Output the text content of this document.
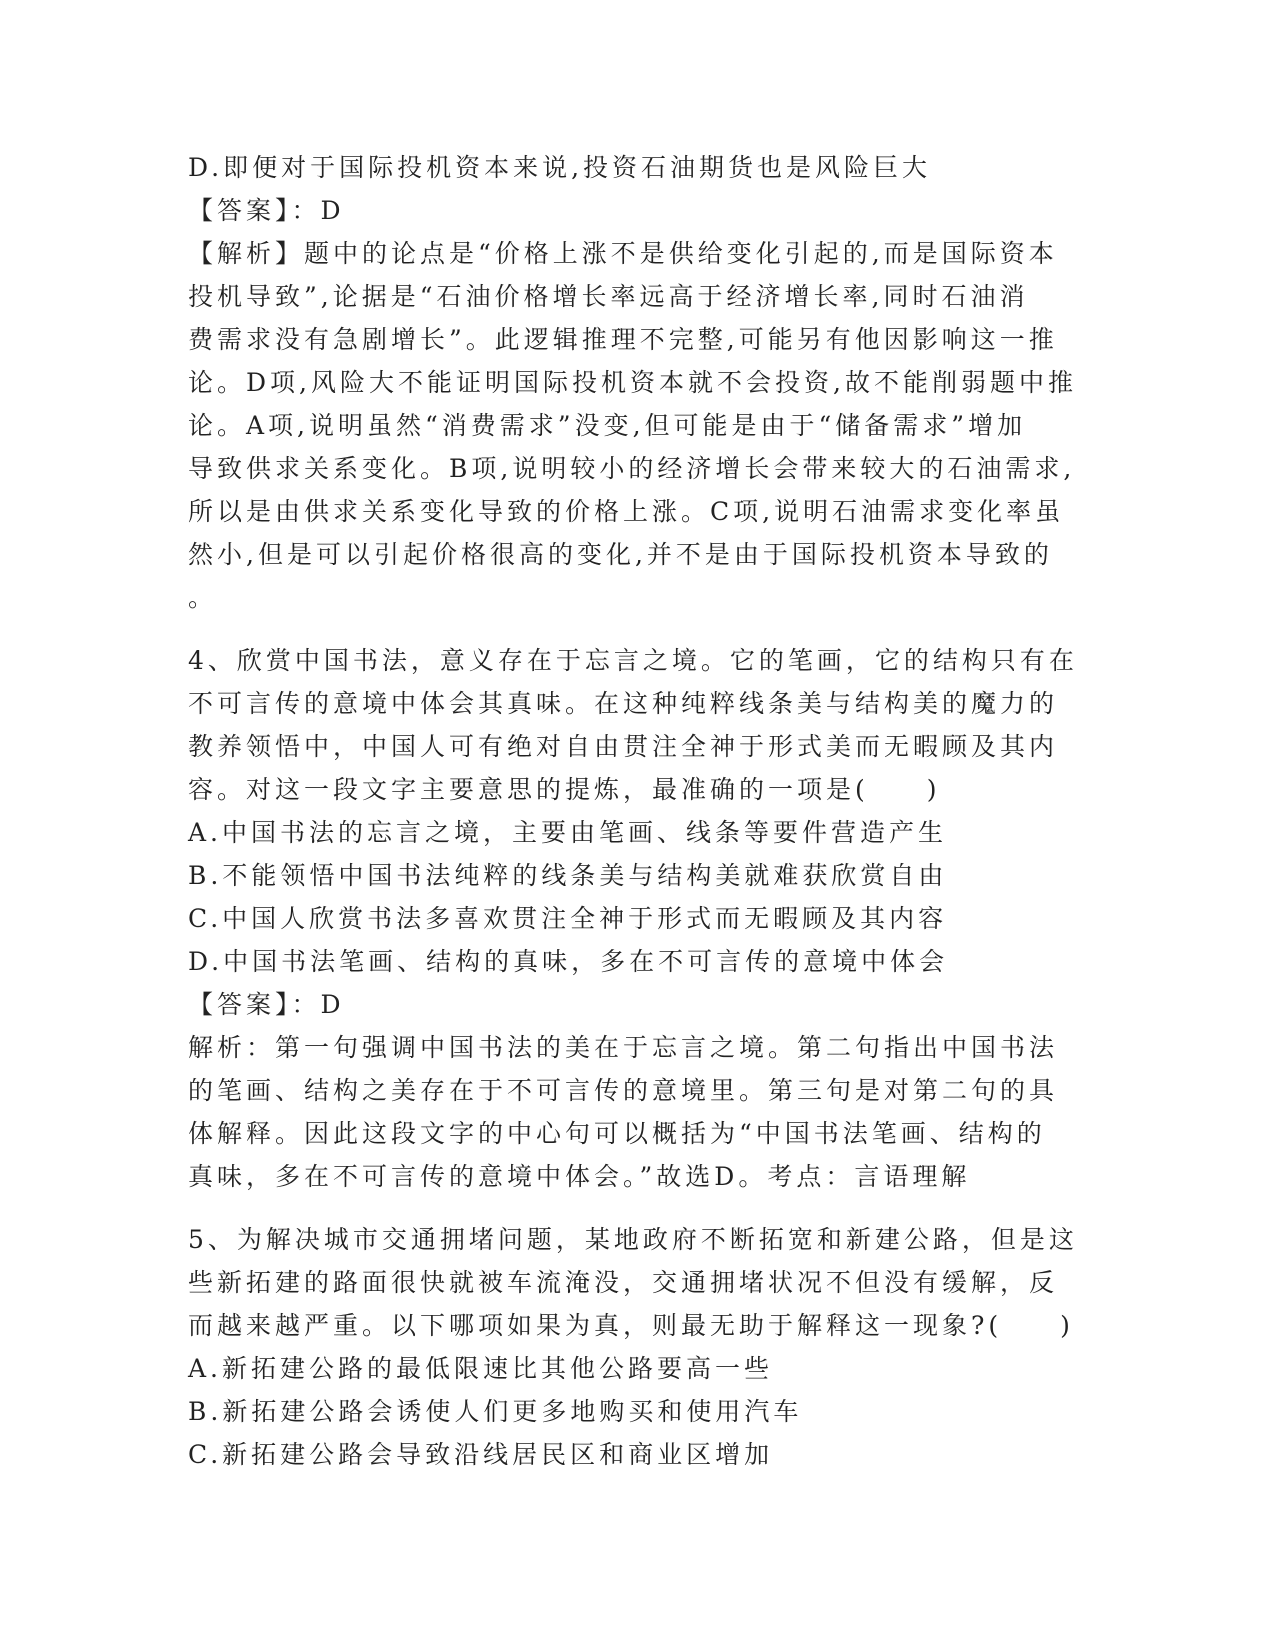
D.即便对于国际投机资本来说,投资石油期货也是风险巨大
【答案】：D
【解析】题中的论点是“价格上涨不是供给变化引起的,而是国际资本
投机导致”,论据是“石油价格增长率远高于经济增长率,同时石油消
费需求没有急剧增长”。此逻辑推理不完整,可能另有他因影响这一推
论。D项,风险大不能证明国际投机资本就不会投资,故不能削弱题中推
论。A项,说明虽然“消费需求”没变,但可能是由于“储备需求”增加
导致供求关系变化。B项,说明较小的经济增长会带来较大的石油需求,
所以是由供求关系变化导致的价格上涨。C项,说明石油需求变化率虽
然小,但是可以引起价格很高的变化,并不是由于国际投机资本导致的
。
4、欣赏中国书法，意义存在于忘言之境。它的笔画，它的结构只有在
不可言传的意境中体会其真味。在这种纯粹线条美与结构美的魔力的
教养领悟中，中国人可有绝对自由贯注全神于形式美而无暇顾及其内
容。对这一段文字主要意思的提炼，最准确的一项是(　　)
A.中国书法的忘言之境，主要由笔画、线条等要件营造产生
B.不能领悟中国书法纯粹的线条美与结构美就难获欣赏自由
C.中国人欣赏书法多喜欢贯注全神于形式而无暇顾及其内容
D.中国书法笔画、结构的真味，多在不可言传的意境中体会
【答案】：D
解析：第一句强调中国书法的美在于忘言之境。第二句指出中国书法
的笔画、结构之美存在于不可言传的意境里。第三句是对第二句的具
体解释。因此这段文字的中心句可以概括为“中国书法笔画、结构的
真味，多在不可言传的意境中体会。”故选D。考点：言语理解
5、为解决城市交通拥堵问题，某地政府不断拓宽和新建公路，但是这
些新拓建的路面很快就被车流淹没，交通拥堵状况不但没有缓解，反
而越来越严重。以下哪项如果为真，则最无助于解释这一现象?(　　)
A.新拓建公路的最低限速比其他公路要高一些
B.新拓建公路会诱使人们更多地购买和使用汽车
C.新拓建公路会导致沿线居民区和商业区增加
